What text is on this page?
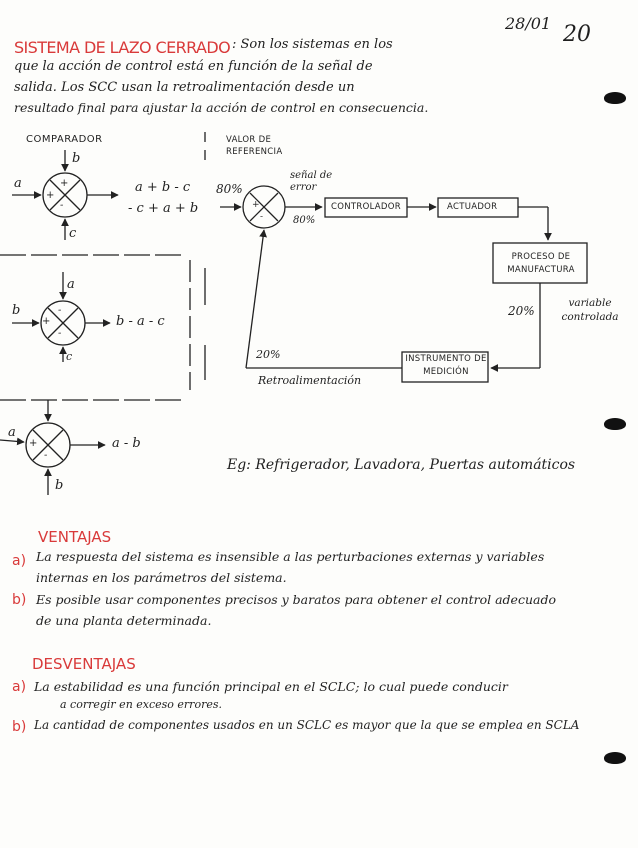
28/01 20
SISTEMA DE LAZO CERRADO : Son los sistemas en los
que la acción de control está en función de la señal de
salida. Los SCC usan la retroalimentación desde un
resultado final para ajustar la acción de control en consecuencia.
COMPARADOR
b
a
c
+
+
-
a + b - c
- c + a + b
a
b
c
+
-
-
b - a - c
a
b
+
-
a - b
VALOR DE REFERENCIA
80%
señal de error
80%
+
-
CONTROLADOR	ACTUADOR
PROCESO DE MANUFACTURA
INSTRUMENTO DE MEDICIÓN
20%
variable controlada
20%
Retroalimentación
Eg: Refrigerador, Lavadora, Puertas automáticos
VENTAJAS
a) La respuesta del sistema es insensible a las perturbaciones externas y variables
internas en los parámetros del sistema.
b) Es posible usar componentes precisos y baratos para obtener el control adecuado
de una planta determinada.
DESVENTAJAS
a) La estabilidad es una función principal en el SCLC; lo cual puede conducir
a corregir en exceso errores.
b) La cantidad de componentes usados en un SCLC es mayor que la que se emplea en SCLA
